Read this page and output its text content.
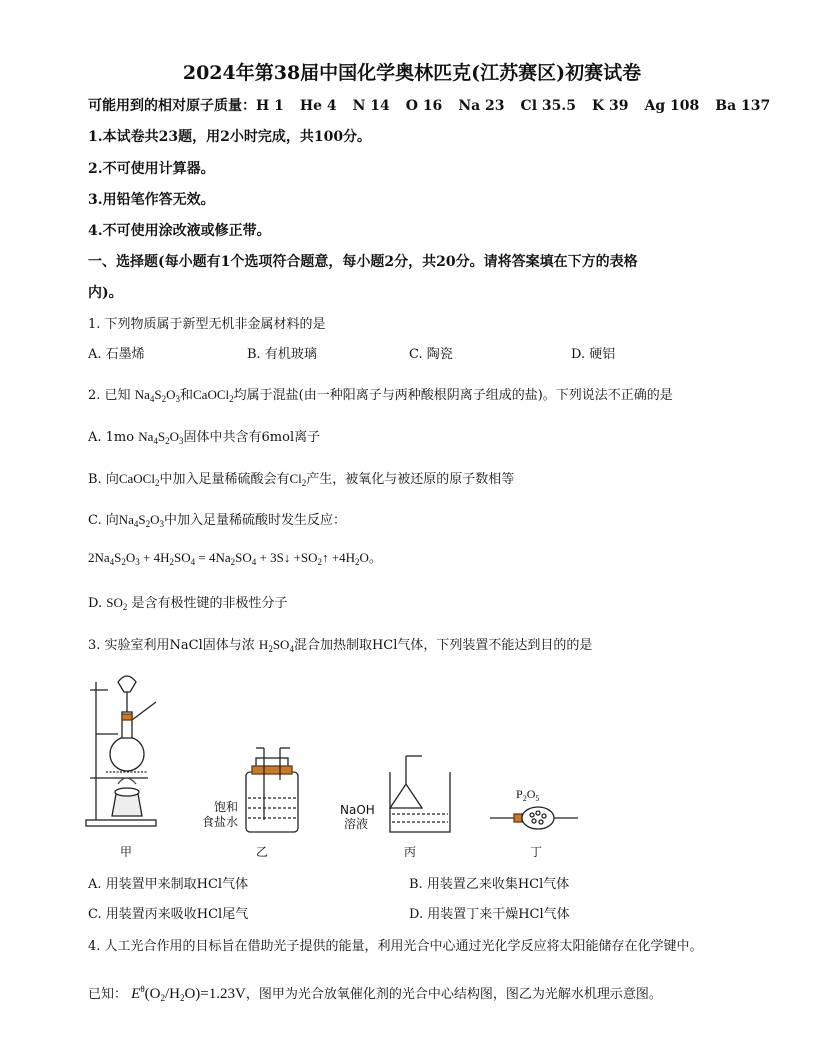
2024年第38届中国化学奥林匹克(江苏赛区)初赛试卷
可能用到的相对原子质量：H 1 He 4 N 14 O 16 Na 23 Cl 35.5 K 39 Ag 108 Ba 137
1.本试卷共23题，用2小时完成，共100分。
2.不可使用计算器。
3.用铅笔作答无效。
4.不可使用涂改液或修正带。
一、选择题(每小题有1个选项符合题意，每小题2分，共20分。请将答案填在下方的表格
内)。
1. 下列物质属于新型无机非金属材料的是
A. 石墨烯	B. 有机玻璃	C. 陶瓷	D. 硬铝
2. 已知 $Na_4S_2O_3$和CaOCl$_2$均属于混盐(由一种阳离子与两种酸根阴离子组成的盐)。下列说法不正确的是
A. 1mo $Na_4S_2O_3$固体中共含有6mol离子
B. 向CaOCl$_2$中加入足量稀硫酸会有$Cl_2$产生，被氧化与被还原的原子数相等
C. 向$Na_4S_2O_3$中加入足量稀硫酸时发生反应：
$2Na_4S_2O_3 + 4H_2SO_4 = 4Na_2SO_4$ + 3S↓ $+SO_2↑ +4H_2O$。
D. $SO_2$ 是含有极性键的非极性分子
3. 实验室利用NaCl固体与浓 $H_2SO_4$混合加热制取HCl气体，下列装置不能达到目的的是
饱和
食盐水
NaOH
溶液
$P_2O_5$
甲	乙	丙	丁
A. 用装置甲来制取HCl气体	B. 用装置乙来收集HCl气体
C. 用装置丙来吸收HCl尾气	D. 用装置丁来干燥HCl气体
4. 人工光合作用的目标旨在借助光子提供的能量，利用光合中心通过光化学反应将太阳能储存在化学键中。
已知： $E^\theta(O_2/H_2O)=1.23V$，图甲为光合放氧催化剂的光合中心结构图，图乙为光解水机理示意图。
